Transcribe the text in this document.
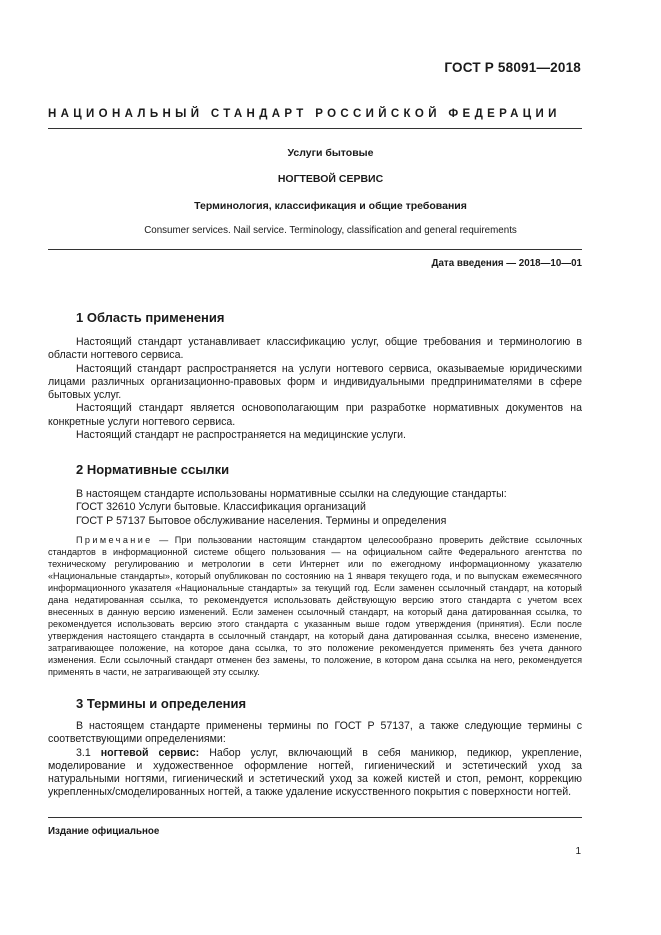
ГОСТ Р 58091—2018
НАЦИОНАЛЬНЫЙ СТАНДАРТ РОССИЙСКОЙ ФЕДЕРАЦИИ
Услуги бытовые
НОГТЕВОЙ СЕРВИС
Терминология, классификация и общие требования
Consumer services. Nail service. Terminology, classification and general requirements
Дата введения — 2018—10—01
1 Область применения

Настоящий стандарт устанавливает классификацию услуг, общие требования и терминологию в области ногтевого сервиса.

Настоящий стандарт распространяется на услуги ногтевого сервиса, оказываемые юридическими лицами различных организационно-правовых форм и индивидуальными предпринимателями в сфере бытовых услуг.

Настоящий стандарт является основополагающим при разработке нормативных документов на конкретные услуги ногтевого сервиса.

Настоящий стандарт не распространяется на медицинские услуги.

2 Нормативные ссылки
В настоящем стандарте использованы нормативные ссылки на следующие стандарты:
ГОСТ 32610 Услуги бытовые. Классификация организаций
ГОСТ Р 57137 Бытовое обслуживание населения. Термины и определения
Примечание — При пользовании настоящим стандартом целесообразно проверить действие ссылочных стандартов в информационной системе общего пользования — на официальном сайте Федерального агентства по техническому регулированию и метрологии в сети Интернет или по ежегодному информационному указателю «Национальные стандарты», который опубликован по состоянию на 1 января текущего года, и по выпускам ежемесячного информационного указателя «Национальные стандарты» за текущий год. Если заменен ссылочный стандарт, на который дана недатированная ссылка, то рекомендуется использовать действующую версию этого стандарта с учетом всех внесенных в данную версию изменений. Если заменен ссылочный стандарт, на который дана датированная ссылка, то рекомендуется использовать версию этого стандарта с указанным выше годом утверждения (принятия). Если после утверждения настоящего стандарта в ссылочный стандарт, на который дана датированная ссылка, внесено изменение, затрагивающее положение, на которое дана ссылка, то это положение рекомендуется применять без учета данного изменения. Если ссылочный стандарт отменен без замены, то положение, в котором дана ссылка на него, рекомендуется применять в части, не затрагивающей эту ссылку.
3 Термины и определения

В настоящем стандарте применены термины по ГОСТ Р 57137, а также следующие термины с соответствующими определениями:

3.1 ногтевой сервис: Набор услуг, включающий в себя маникюр, педикюр, укрепление, моделирование и художественное оформление ногтей, гигиенический и эстетический уход за натуральными ногтями, гигиенический и эстетический уход за кожей кистей и стоп, ремонт, коррекцию укрепленных/смоделированных ногтей, а также удаление искусственного покрытия с поверхности ногтей.

Издание официальное
1
